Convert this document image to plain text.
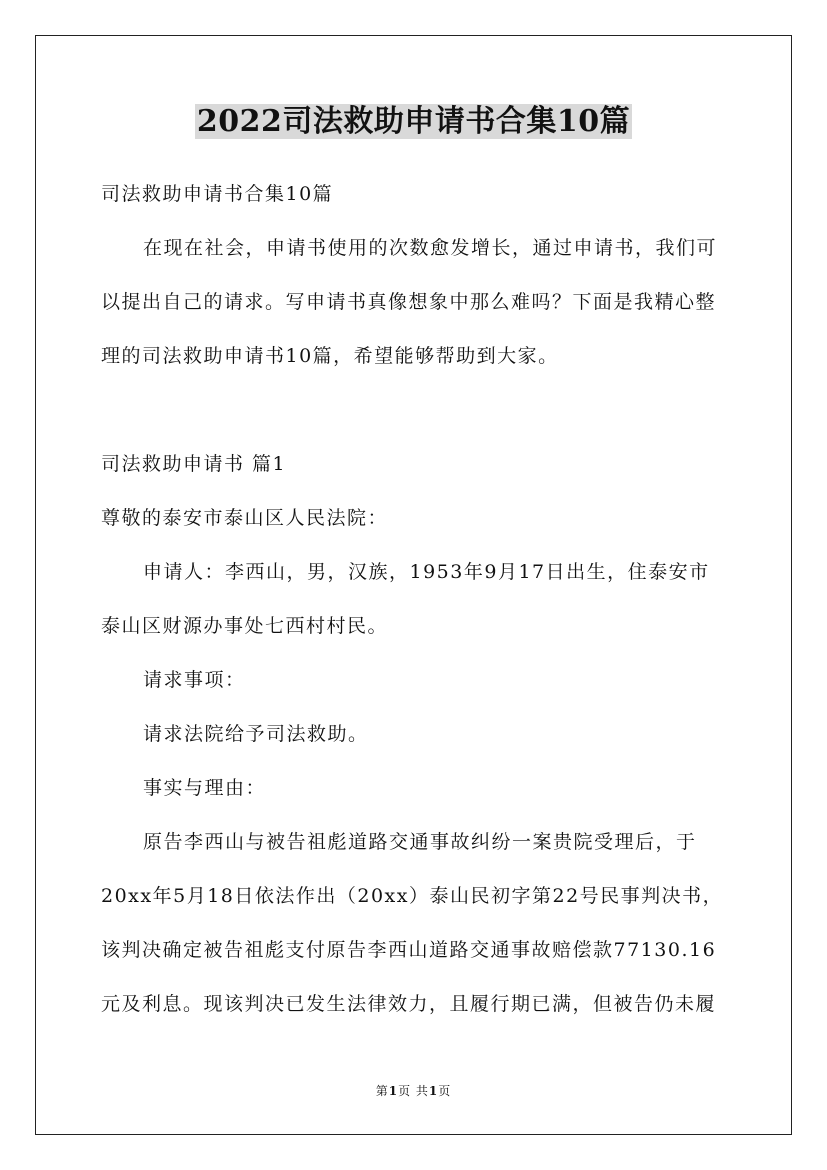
2022司法救助申请书合集10篇
司法救助申请书合集10篇
在现在社会，申请书使用的次数愈发增长，通过申请书，我们可
以提出自己的请求。写申请书真像想象中那么难吗？下面是我精心整
理的司法救助申请书10篇，希望能够帮助到大家。
司法救助申请书 篇1
尊敬的泰安市泰山区人民法院：
申请人：李西山，男，汉族，1953年9月17日出生，住泰安市
泰山区财源办事处七西村村民。
请求事项：
请求法院给予司法救助。
事实与理由：
原告李西山与被告祖彪道路交通事故纠纷一案贵院受理后，于
20xx年5月18日依法作出（20xx）泰山民初字第22号民事判决书，
该判决确定被告祖彪支付原告李西山道路交通事故赔偿款77130.16
元及利息。现该判决已发生法律效力，且履行期已满，但被告仍未履
第1页 共1页
